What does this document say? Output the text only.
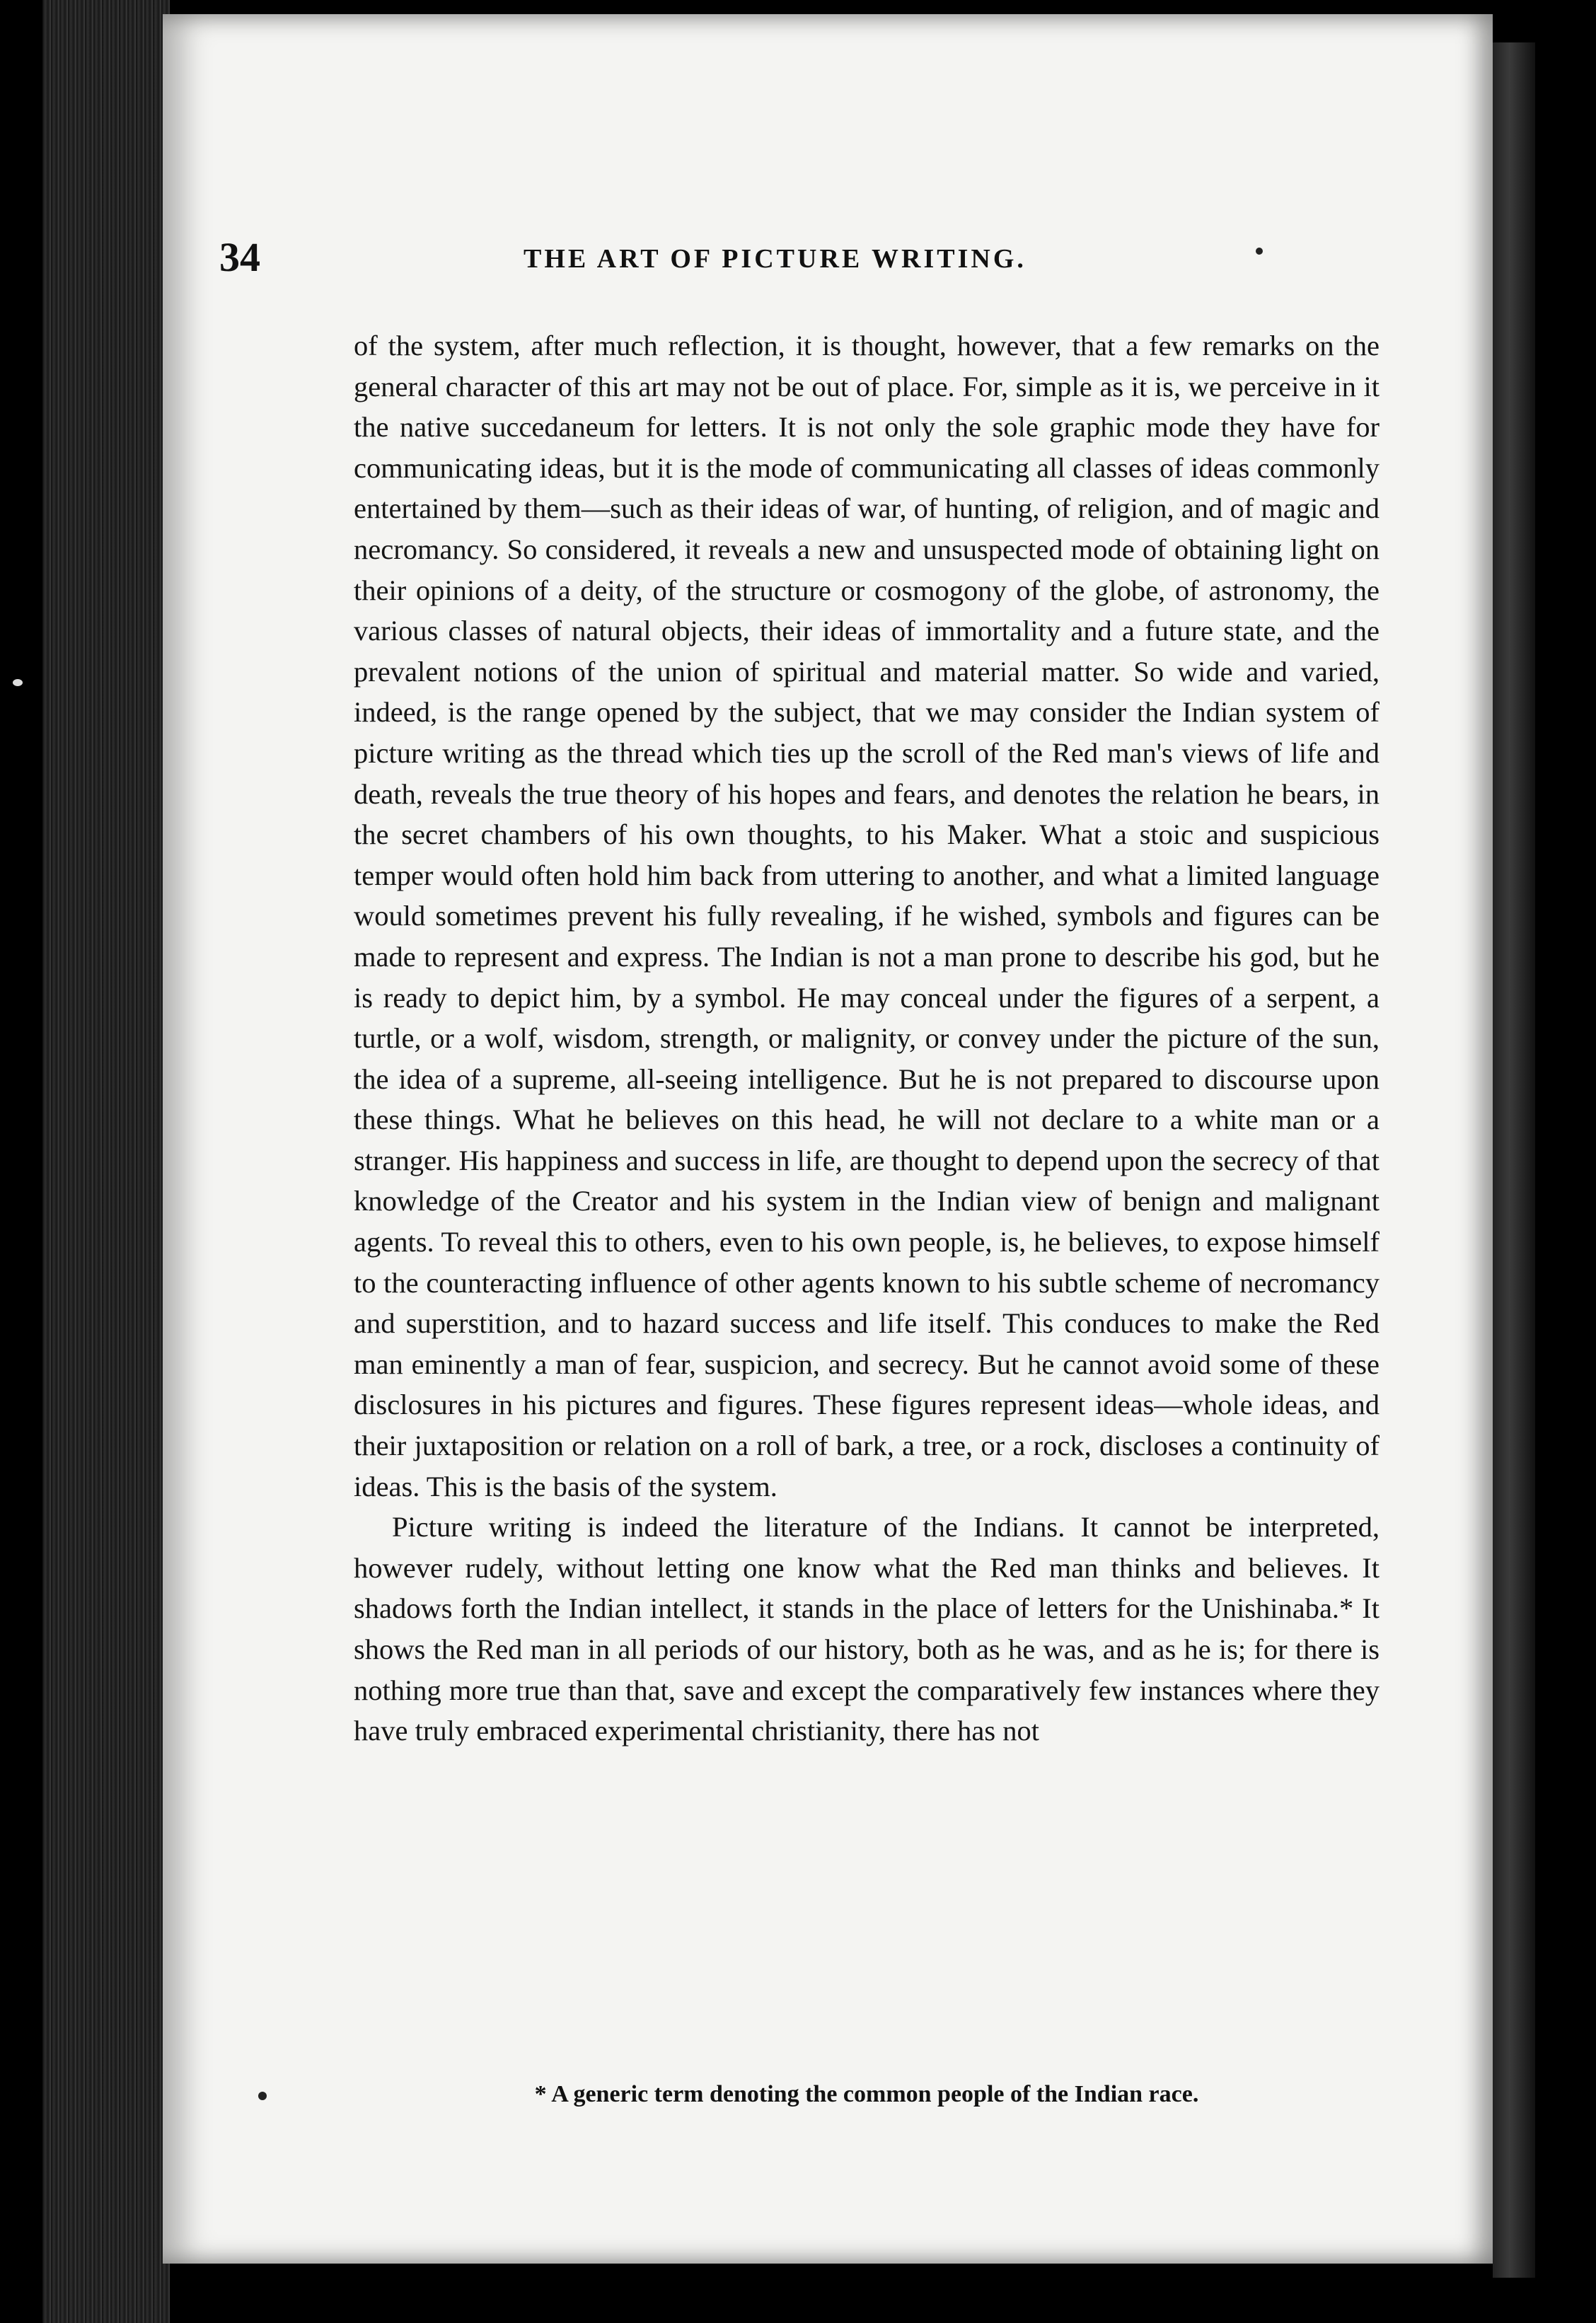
34	THE ART OF PICTURE WRITING.

of the system, after much reflection, it is thought, however, that a few remarks on the general character of this art may not be out of place. For, simple as it is, we perceive in it the native succedaneum for letters. It is not only the sole graphic mode they have for communicating ideas, but it is the mode of communicating all classes of ideas commonly entertained by them—such as their ideas of war, of hunting, of religion, and of magic and necromancy. So considered, it reveals a new and unsuspected mode of obtaining light on their opinions of a deity, of the structure or cosmogony of the globe, of astronomy, the various classes of natural objects, their ideas of immortality and a future state, and the prevalent notions of the union of spiritual and material matter. So wide and varied, indeed, is the range opened by the subject, that we may consider the Indian system of picture writing as the thread which ties up the scroll of the Red man's views of life and death, reveals the true theory of his hopes and fears, and denotes the relation he bears, in the secret chambers of his own thoughts, to his Maker. What a stoic and suspicious temper would often hold him back from uttering to another, and what a limited language would sometimes prevent his fully revealing, if he wished, symbols and figures can be made to represent and express. The Indian is not a man prone to describe his god, but he is ready to depict him, by a symbol. He may conceal under the figures of a serpent, a turtle, or a wolf, wisdom, strength, or malignity, or convey under the picture of the sun, the idea of a supreme, all-seeing intelligence. But he is not prepared to discourse upon these things. What he believes on this head, he will not declare to a white man or a stranger. His happiness and success in life, are thought to depend upon the secrecy of that knowledge of the Creator and his system in the Indian view of benign and malignant agents. To reveal this to others, even to his own people, is, he believes, to expose himself to the counteracting influence of other agents known to his subtle scheme of necromancy and superstition, and to hazard success and life itself. This conduces to make the Red man eminently a man of fear, suspicion, and secrecy. But he cannot avoid some of these disclosures in his pictures and figures. These figures represent ideas—whole ideas, and their juxtaposition or relation on a roll of bark, a tree, or a rock, discloses a continuity of ideas. This is the basis of the system.

Picture writing is indeed the literature of the Indians. It cannot be interpreted, however rudely, without letting one know what the Red man thinks and believes. It shadows forth the Indian intellect, it stands in the place of letters for the Unishinaba.* It shows the Red man in all periods of our history, both as he was, and as he is; for there is nothing more true than that, save and except the comparatively few instances where they have truly embraced experimental christianity, there has not

* A generic term denoting the common people of the Indian race.
